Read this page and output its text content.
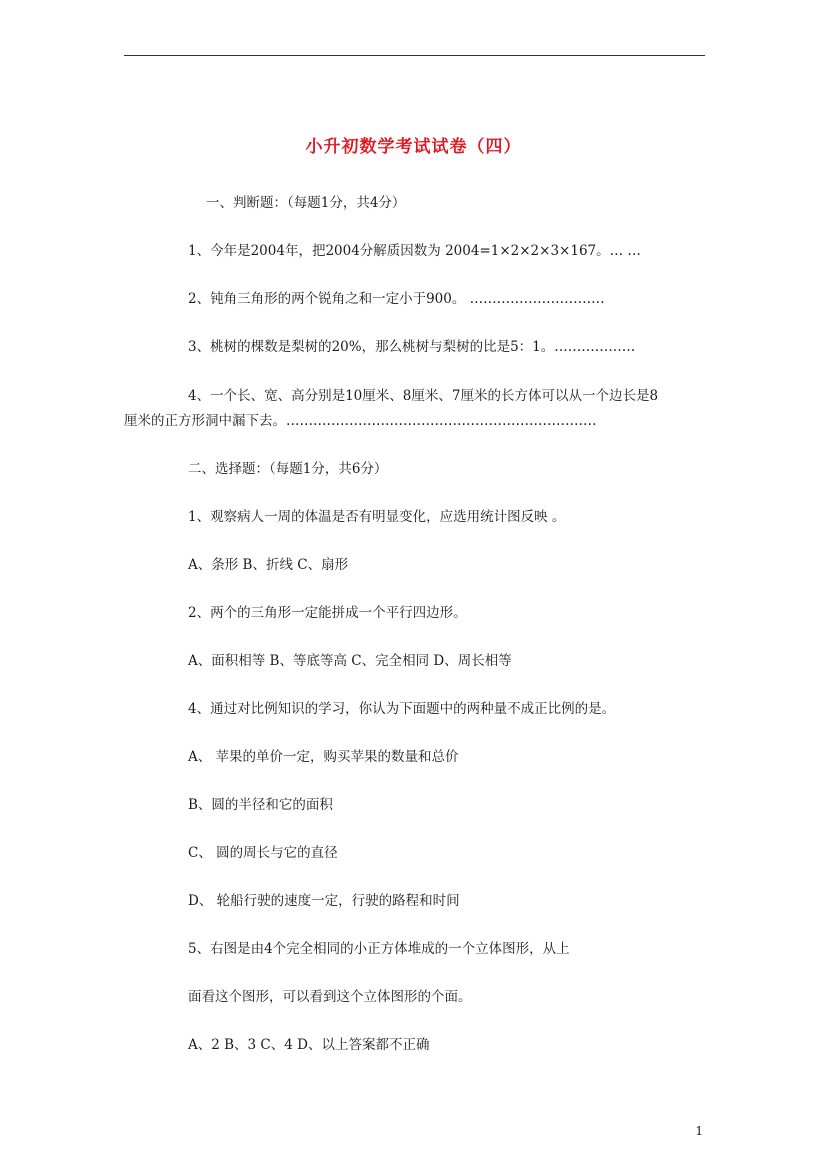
小升初数学考试试卷（四）
一、判断题：（每题1分，共4分）
1、今年是2004年，把2004分解质因数为 2004=1×2×2×3×167。… …
2、钝角三角形的两个锐角之和一定小于900。 …………………………
3、桃树的棵数是梨树的20%，那么桃树与梨树的比是5：1。………………
4、一个长、宽、高分别是10厘米、8厘米、7厘米的长方体可以从一个边长是8
厘米的正方形洞中漏下去。……………………………………………………………
二、选择题：（每题1分，共6分）
1、观察病人一周的体温是否有明显变化，应选用统计图反映 。
A、条形 B、折线 C、扇形
2、两个的三角形一定能拼成一个平行四边形。
A、面积相等 B、等底等高 C、完全相同 D、周长相等
4、通过对比例知识的学习，你认为下面题中的两种量不成正比例的是。
A、 苹果的单价一定，购买苹果的数量和总价
B、圆的半径和它的面积
C、 圆的周长与它的直径
D、 轮船行驶的速度一定，行驶的路程和时间
5、右图是由4个完全相同的小正方体堆成的一个立体图形，从上
面看这个图形，可以看到这个立体图形的个面。
A、2 B、3 C、4 D、以上答案都不正确
1
